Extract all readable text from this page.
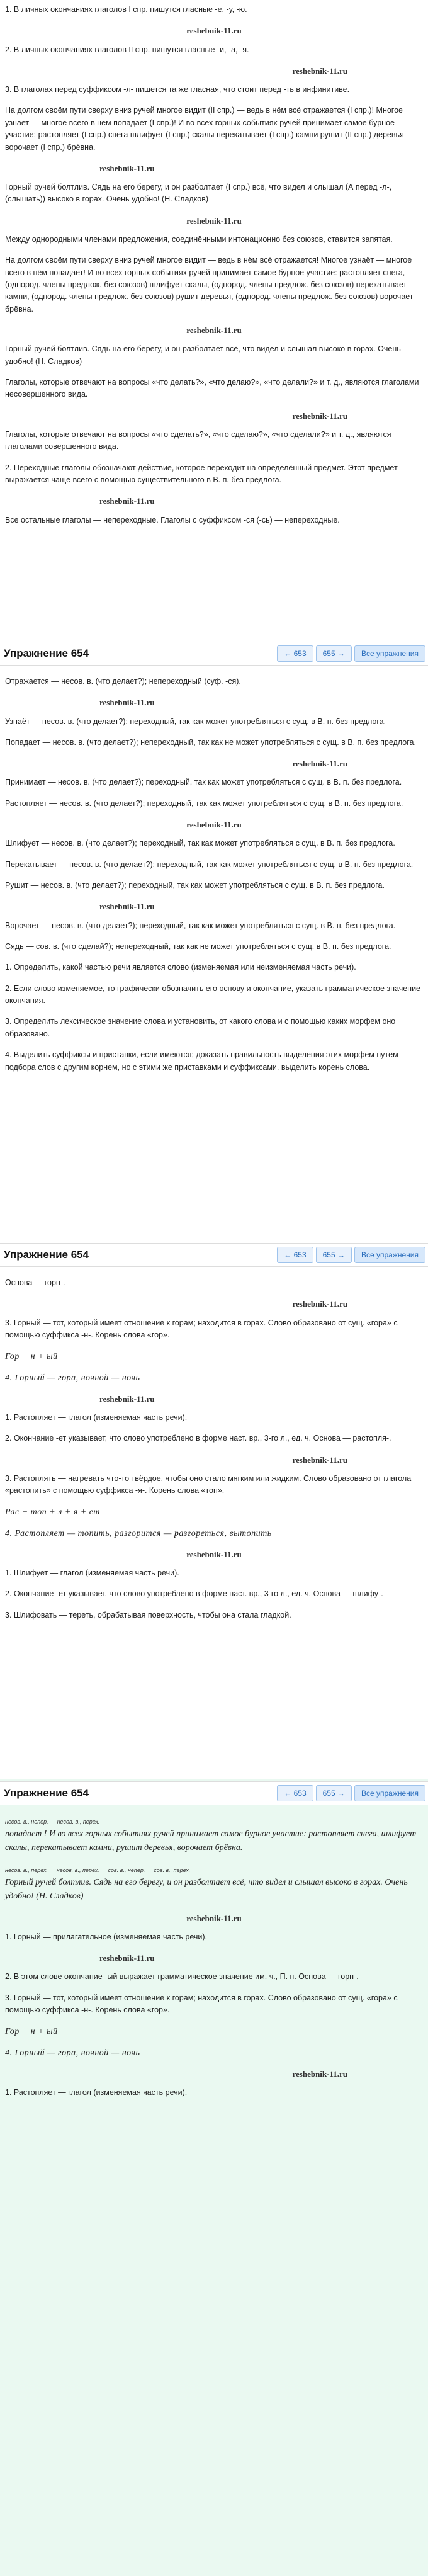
1. В личных окончаниях глаголов I спр. пишутся гласные -е, -у, -ю.

reshebnik-11.ru

2. В личных окончаниях глаголов II спр. пишутся гласные -и, -а, -я.

reshebnik-11.ru

3. В глаголах перед суффиксом -л- пишется та же гласная, что стоит перед -ть в инфинитиве.

На долгом своём пути сверху вниз ручей многое видит (II спр.) — ведь в нём всё отражается (I спр.)! Многое узнает — многое всего в нем попадает (I спр.)! И во всех горных событиях ручей принимает самое бурное участие: растопляет (I спр.) снега шлифует (I спр.) скалы перекатывает (I спр.) камни рушит (II спр.) деревья ворочает (I спр.) брёвна.

reshebnik-11.ru

Горный ручей болтлив. Сядь на его берегу, и он разболтает (I спр.) всё, что видел и слышал (А перед -л-, (слышать)) высоко в горах. Очень удобно! (Н. Сладков)

reshebnik-11.ru

Между однородными членами предложения, соединёнными интонационно без союзов, ставится запятая.

На долгом своём пути сверху вниз ручей многое видит — ведь в нём всё отражается! Многое узнаёт — многое всего в нём попадает! И во всех горных событиях ручей принимает самое бурное участие: растопляет снега, (однород. члены предлож. без союзов) шлифует скалы, (однород. члены предлож. без союзов) перекатывает камни, (однород. члены предлож. без союзов) рушит деревья, (однород. члены предлож. без союзов) ворочает брёвна.

reshebnik-11.ru

Горный ручей болтлив. Сядь на его берегу, и он разболтает всё, что видел и слышал высоко в горах. Очень удобно! (Н. Сладков)

Глаголы, которые отвечают на вопросы «что делать?», «что делаю?», «что делали?» и т. д., являются глаголами несовершенного вида.

reshebnik-11.ru

Глаголы, которые отвечают на вопросы «что сделать?», «что сделаю?», «что сделали?» и т. д., являются глаголами совершенного вида.

2. Переходные глаголы обозначают действие, которое переходит на определённый предмет. Этот предмет выражается чаще всего с помощью существительного в В. п. без предлога.

reshebnik-11.ru

Все остальные глаголы — непереходные. Глаголы с суффиксом -ся (-сь) — непереходные.

Упражнение 654	← 653	655 →	Все упражнения

Отражается — несов. в. (что делает?); непереходный (суф. -ся).

reshebnik-11.ru

Узнаёт — несов. в. (что делает?); переходный, так как может употребляться с сущ. в В. п. без предлога.

Попадает — несов. в. (что делает?); непереходный, так как не может употребляться с сущ. в В. п. без предлога.

reshebnik-11.ru

Принимает — несов. в. (что делает?); переходный, так как может употребляться с сущ. в В. п. без предлога.

Растопляет — несов. в. (что делает?); переходный, так как может употребляться с сущ. в В. п. без предлога.

reshebnik-11.ru

Шлифует — несов. в. (что делает?); переходный, так как может употребляться с сущ. в В. п. без предлога.

Перекатывает — несов. в. (что делает?); переходный, так как может употребляться с сущ. в В. п. без предлога.

Рушит — несов. в. (что делает?); переходный, так как может употребляться с сущ. в В. п. без предлога.

reshebnik-11.ru

Ворочает — несов. в. (что делает?); переходный, так как может употребляться с сущ. в В. п. без предлога.

Сядь — сов. в. (что сделай?); непереходный, так как не может употребляться с сущ. в В. п. без предлога.

1. Определить, какой частью речи является слово (изменяемая или неизменяемая часть речи).

2. Если слово изменяемое, то графически обозначить его основу и окончание, указать грамматическое значение окончания.

3. Определить лексическое значение слова и установить, от какого слова и с помощью каких морфем оно образовано.

4. Выделить суффиксы и приставки, если имеются; доказать правильность выделения этих морфем путём подбора слов с другим корнем, но с этими же приставками и суффиксами, выделить корень слова.

Упражнение 654	← 653	655 →	Все упражнения

Основа — горн-.

reshebnik-11.ru

3. Горный — тот, который имеет отношение к горам; находится в горах. Слово образовано от сущ. «гора» с помощью суффикса -н-. Корень слова «гор».

Гор + н + ый
4. Горный — гора, ночной — ночь
reshebnik-11.ru

1. Растопляет — глагол (изменяемая часть речи).

2. Окончание -ет указывает, что слово употреблено в форме наст. вр., 3-го л., ед. ч. Основа — растопля-.

reshebnik-11.ru

3. Растоплять — нагревать что-то твёрдое, чтобы оно стало мягким или жидким. Слово образовано от глагола «растопить» с помощью суффикса -я-. Корень слова «топ».

Рас + топ + л + я + ет
4. Растопляет — топить, разгорится — разгореться, вытопить
reshebnik-11.ru

1. Шлифует — глагол (изменяемая часть речи).

2. Окончание -ет указывает, что слово употреблено в форме наст. вр., 3-го л., ед. ч. Основа — шлифу-.

3. Шлифовать — тереть, обрабатывая поверхность, чтобы она стала гладкой.

Упражнение 654	← 653	655 →	Все упражнения
несов. в., непер. несов. в., перех.

попадает ! И во всех горных событиях ручей принимает самое бурное участие: растопляет снега, шлифует скалы, перекатывает камни, рушит деревья, ворочает брёвна.

несов. в., перех. несов. в., перех. сов. в., непер. сов. в., перех.

Горный ручей болтлив. Сядь на его берегу, и он разболтает всё, что видел и слышал высоко в горах. Очень удобно! (Н. Сладков)

reshebnik-11.ru

1. Горный — прилагательное (изменяемая часть речи).

reshebnik-11.ru

2. В этом слове окончание -ый выражает грамматическое значение им. ч., П. п. Основа — горн-.

3. Горный — тот, который имеет отношение к горам; находится в горах. Слово образовано от сущ. «гора» с помощью суффикса -н-. Корень слова «гор».

Гор + н + ый
4. Горный — гора, ночной — ночь
reshebnik-11.ru

1. Растопляет — глагол (изменяемая часть речи).
